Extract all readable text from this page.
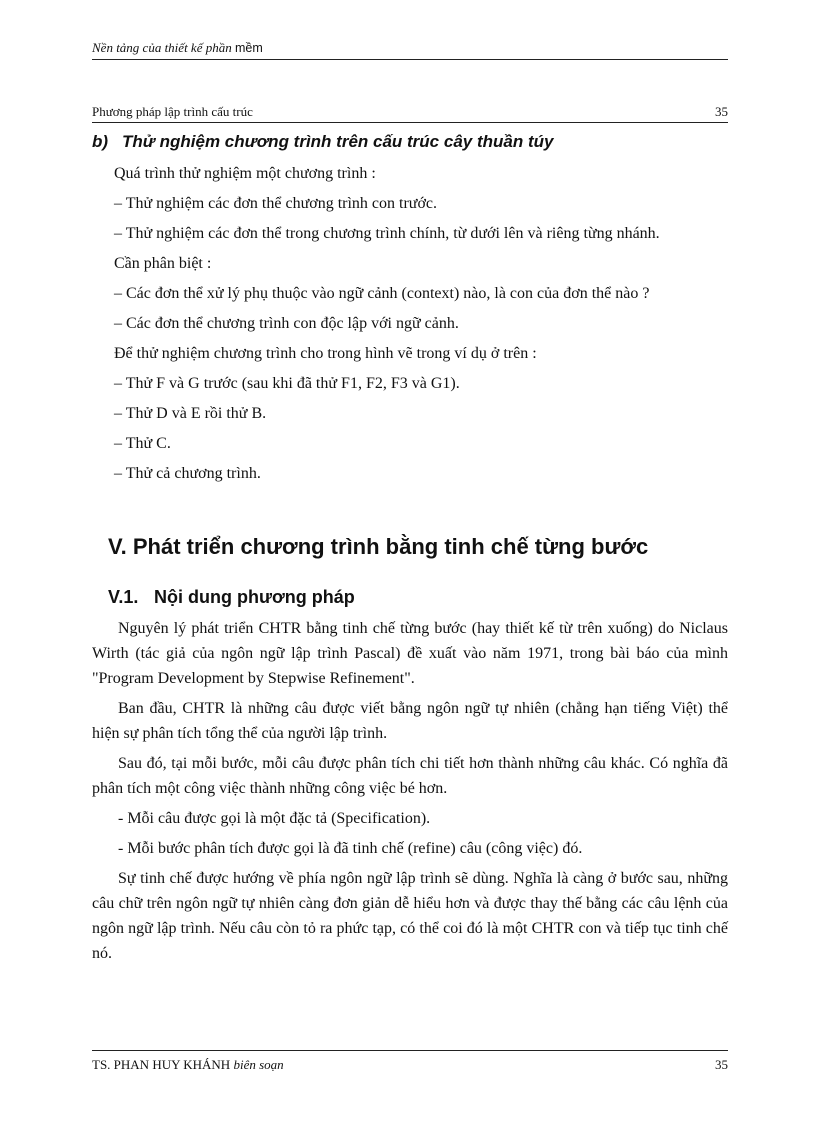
Nền tảng của thiết kế phần mềm
Phương pháp lập trình cấu trúc	35
b) Thử nghiệm chương trình trên cấu trúc cây thuần túy

Quá trình thử nghiệm một chương trình :

– Thử nghiệm các đơn thể chương trình con trước.

– Thử nghiệm các đơn thể trong chương trình chính, từ dưới lên và riêng từng nhánh.

Cần phân biệt :

– Các đơn thể xử lý phụ thuộc vào ngữ cảnh (context) nào, là con của đơn thể nào ?

– Các đơn thể chương trình con độc lập với ngữ cảnh.

Để thử nghiệm chương trình cho trong hình vẽ trong ví dụ ở trên :

– Thử F và G trước (sau khi đã thử F1, F2, F3 và G1).

– Thử D và E rồi thử B.

– Thử C.

– Thử cả chương trình.

V. Phát triển chương trình bằng tinh chế từng bước
V.1. Nội dung phương pháp

Nguyên lý phát triển CHTR bằng tinh chế từng bước (hay thiết kế từ trên xuống) do Niclaus Wirth (tác giả của ngôn ngữ lập trình Pascal) đề xuất vào năm 1971, trong bài báo của mình "Program Development by Stepwise Refinement".

Ban đầu, CHTR là những câu được viết bằng ngôn ngữ tự nhiên (chẳng hạn tiếng Việt) thể hiện sự phân tích tổng thể của người lập trình.

Sau đó, tại mỗi bước, mỗi câu được phân tích chi tiết hơn thành những câu khác. Có nghĩa đã phân tích một công việc thành những công việc bé hơn.

- Mỗi câu được gọi là một đặc tả (Specification).

- Mỗi bước phân tích được gọi là đã tinh chế (refine) câu (công việc) đó.

Sự tinh chế được hướng về phía ngôn ngữ lập trình sẽ dùng. Nghĩa là càng ở bước sau, những câu chữ trên ngôn ngữ tự nhiên càng đơn giản dễ hiểu hơn và được thay thế bằng các câu lệnh của ngôn ngữ lập trình. Nếu câu còn tỏ ra phức tạp, có thể coi đó là một CHTR con và tiếp tục tinh chế nó.

TS. PHAN HUY KHÁNH biên soạn	35
